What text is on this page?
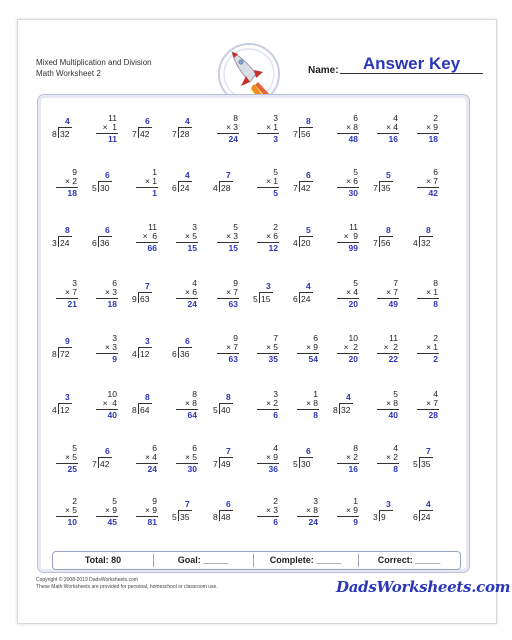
Mixed Multiplication and Division
Math Worksheet 2
Answer Key
Name:
8 32
4	11
×  1
11 7 42
6
7 28
4	8
× 3
24
3
× 1
3 7 56
8	6
× 8
48
4
× 4
16
2
× 9
18
9
× 2
18 5 30
6	1
× 1
1 6 24
4
4 28
7	5
× 1
5 7 42
6	5
× 6
30 7 35
5	6
× 7
42
3 24
8
6 36
6	11
×  6
66
3
× 5
15
5
× 3
15
2
× 6
12 4 20
5	11
×  9
99 7 56
8
4 32
8
3
× 7
21
6
× 3
18 9 63
7	4
× 6
24
9
× 7
63 5 15
3
6 24
4	5
× 4
20
7
× 7
49
8
× 1
8
8 72
9	3
× 3
9 4 12
3
6 36
6	9
× 7
63
7
× 5
35
6
× 9
54
10
×  2
20
11
×  2
22
2
× 1
2
4 12
3	10
×  4
40 8 64
8	8
× 8
64 5 40
8	3
× 2
6
1
× 8
8 8 32
4	5
× 8
40
4
× 7
28
5
× 5
25 7 42
6	6
× 4
24
6
× 5
30 7 49
7	4
× 9
36 5 30
6	8
× 2
16
4
× 2
8 5 35
7
2
× 5
10
5
× 9
45
9
× 9
81 5 35
7
8 48
6	2
× 3
6
3
× 8
24
1
× 9
9 3 9
3
6 24
4
Total: 80	Goal: _____	Complete: _____	Correct: _____
Copyright © 2008-2019 DadsWorksheets.com
These Math Worksheets are provided for personal, homeschool or classroom use.	DadsWorksheets.com
